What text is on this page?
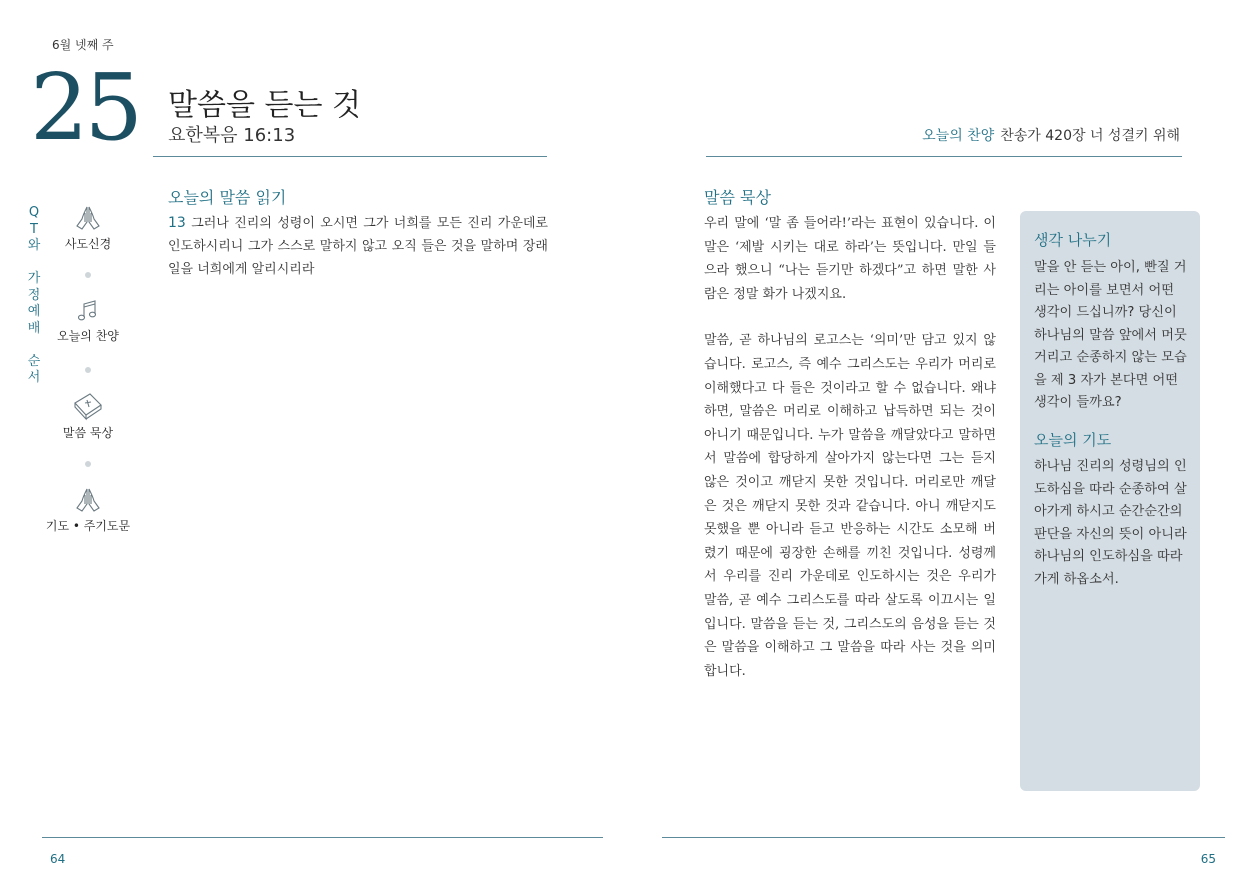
6월 넷째 주
25 말씀을 듣는 것
요한복음 16:13	오늘의 찬양 찬송가 420장 너 성결키 위해
Q
T
와

가
정
예
배

순
서
사도신경
오늘의 찬양
말씀 묵상
기도 • 주기도문
오늘의 말씀 읽기
13 그러나 진리의 성령이 오시면 그가 너희를 모든 진리 가운데로 인도하시리니 그가 스스로 말하지 않고 오직 들은 것을 말하며 장래 일을 너희에게 알리시리라
말씀 묵상

우리 말에 ‘말 좀 들어라!’라는 표현이 있습니다. 이 말은 ‘제발 시키는 대로 하라’는 뜻입니다. 만일 들으라 했으니 “나는 듣기만 하겠다”고 하면 말한 사람은 정말 화가 나겠지요.

말씀, 곧 하나님의 로고스는 ‘의미’만 담고 있지 않습니다. 로고스, 즉 예수 그리스도는 우리가 머리로 이해했다고 다 들은 것이라고 할 수 없습니다. 왜냐하면, 말씀은 머리로 이해하고 납득하면 되는 것이 아니기 때문입니다. 누가 말씀을 깨달았다고 말하면서 말씀에 합당하게 살아가지 않는다면 그는 듣지 않은 것이고 깨닫지 못한 것입니다. 머리로만 깨달은 것은 깨닫지 못한 것과 같습니다. 아니 깨닫지도 못했을 뿐 아니라 듣고 반응하는 시간도 소모해 버렸기 때문에 굉장한 손해를 끼친 것입니다. 성령께서 우리를 진리 가운데로 인도하시는 것은 우리가 말씀, 곧 예수 그리스도를 따라 살도록 이끄시는 일입니다. 말씀을 듣는 것, 그리스도의 음성을 듣는 것은 말씀을 이해하고 그 말씀을 따라 사는 것을 의미합니다.

생각 나누기
말을 안 듣는 아이, 빤질 거리는 아이를 보면서 어떤 생각이 드십니까? 당신이 하나님의 말씀 앞에서 머뭇거리고 순종하지 않는 모습을 제 3 자가 본다면 어떤 생각이 들까요?
오늘의 기도
하나님 진리의 성령님의 인도하심을 따라 순종하여 살아가게 하시고 순간순간의 판단을 자신의 뜻이 아니라 하나님의 인도하심을 따라 가게 하옵소서.
64	65
